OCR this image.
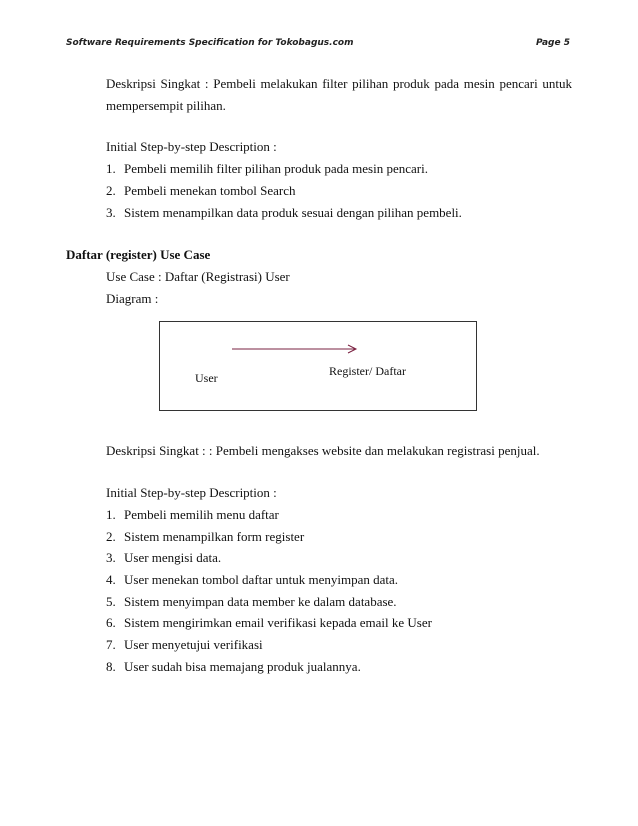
Software Requirements Specification for Tokobagus.com	Page 5
Deskripsi Singkat : Pembeli melakukan filter pilihan produk pada mesin pencari untuk
mempersempit pilihan.
Initial Step-by-step Description :
1. Pembeli memilih filter pilihan produk pada mesin pencari.
2. Pembeli menekan tombol Search
3. Sistem menampilkan data produk sesuai dengan pilihan pembeli.
Daftar (register) Use Case
Use Case : Daftar (Registrasi) User
Diagram :
User	Register/ Daftar
Deskripsi Singkat : : Pembeli mengakses website dan melakukan registrasi penjual.
Initial Step-by-step Description :
1. Pembeli memilih menu daftar
2. Sistem menampilkan form register
3. User mengisi data.
4. User menekan tombol daftar untuk menyimpan data.
5. Sistem menyimpan data member ke dalam database.
6. Sistem mengirimkan email verifikasi kepada email ke User
7. User menyetujui verifikasi
8. User sudah bisa memajang produk jualannya.
